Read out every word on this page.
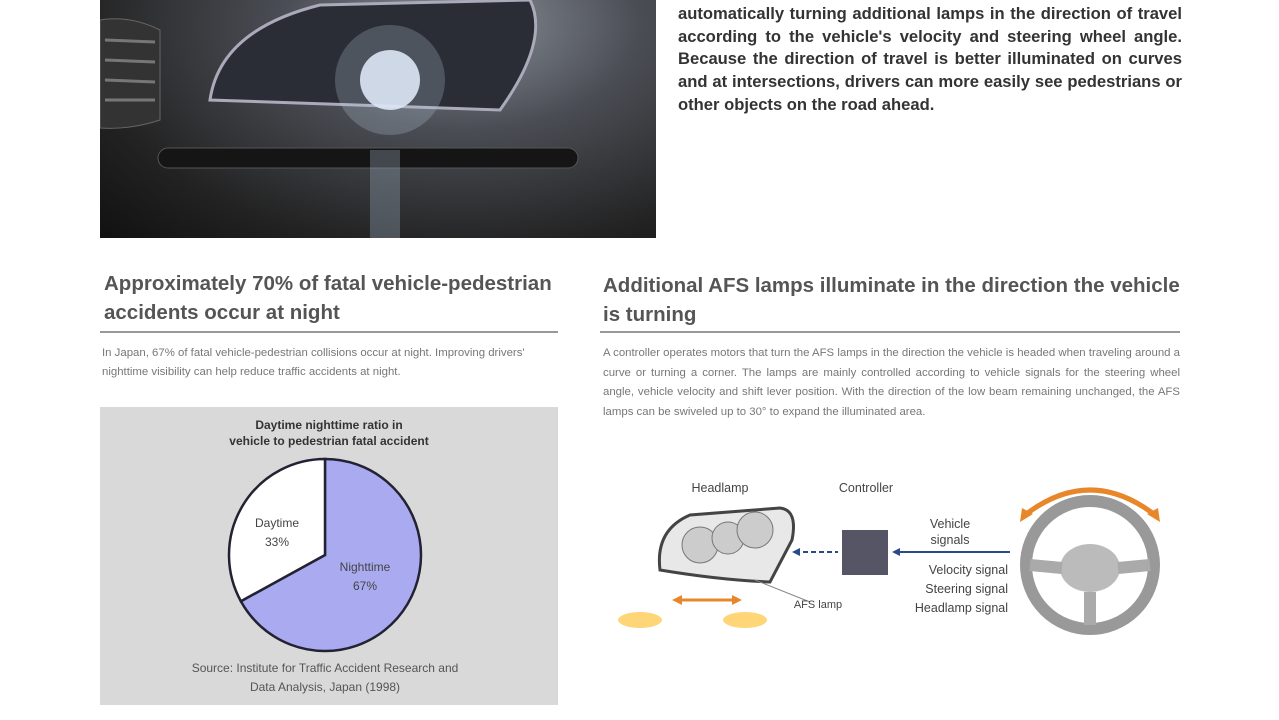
automatically turning additional lamps in the direction of travel according to the vehicle's velocity and steering wheel angle. Because the direction of travel is better illuminated on curves and at intersections, drivers can more easily see pedestrians or other objects on the road ahead.
Approximately 70% of fatal vehicle-pedestrian accidents occur at night
In Japan, 67% of fatal vehicle-pedestrian collisions occur at night. Improving drivers' nighttime visibility can help reduce traffic accidents at night.
Daytime nighttime ratio in
vehicle to pedestrian fatal accident
Daytime
33%
Nighttime
67%
Source: Institute for Traffic Accident Research and
Data Analysis, Japan (1998)
Additional AFS lamps illuminate in the direction the vehicle is turning
A controller operates motors that turn the AFS lamps in the direction the vehicle is headed when traveling around a curve or turning a corner. The lamps are mainly controlled according to vehicle signals for the steering wheel angle, vehicle velocity and shift lever position. With the direction of the low beam remaining unchanged, the AFS lamps can be swiveled up to 30° to expand the illuminated area.
Headlamp	Controller
Vehicle
signals
Velocity signal
Steering signal
Headlamp signal
AFS lamp
